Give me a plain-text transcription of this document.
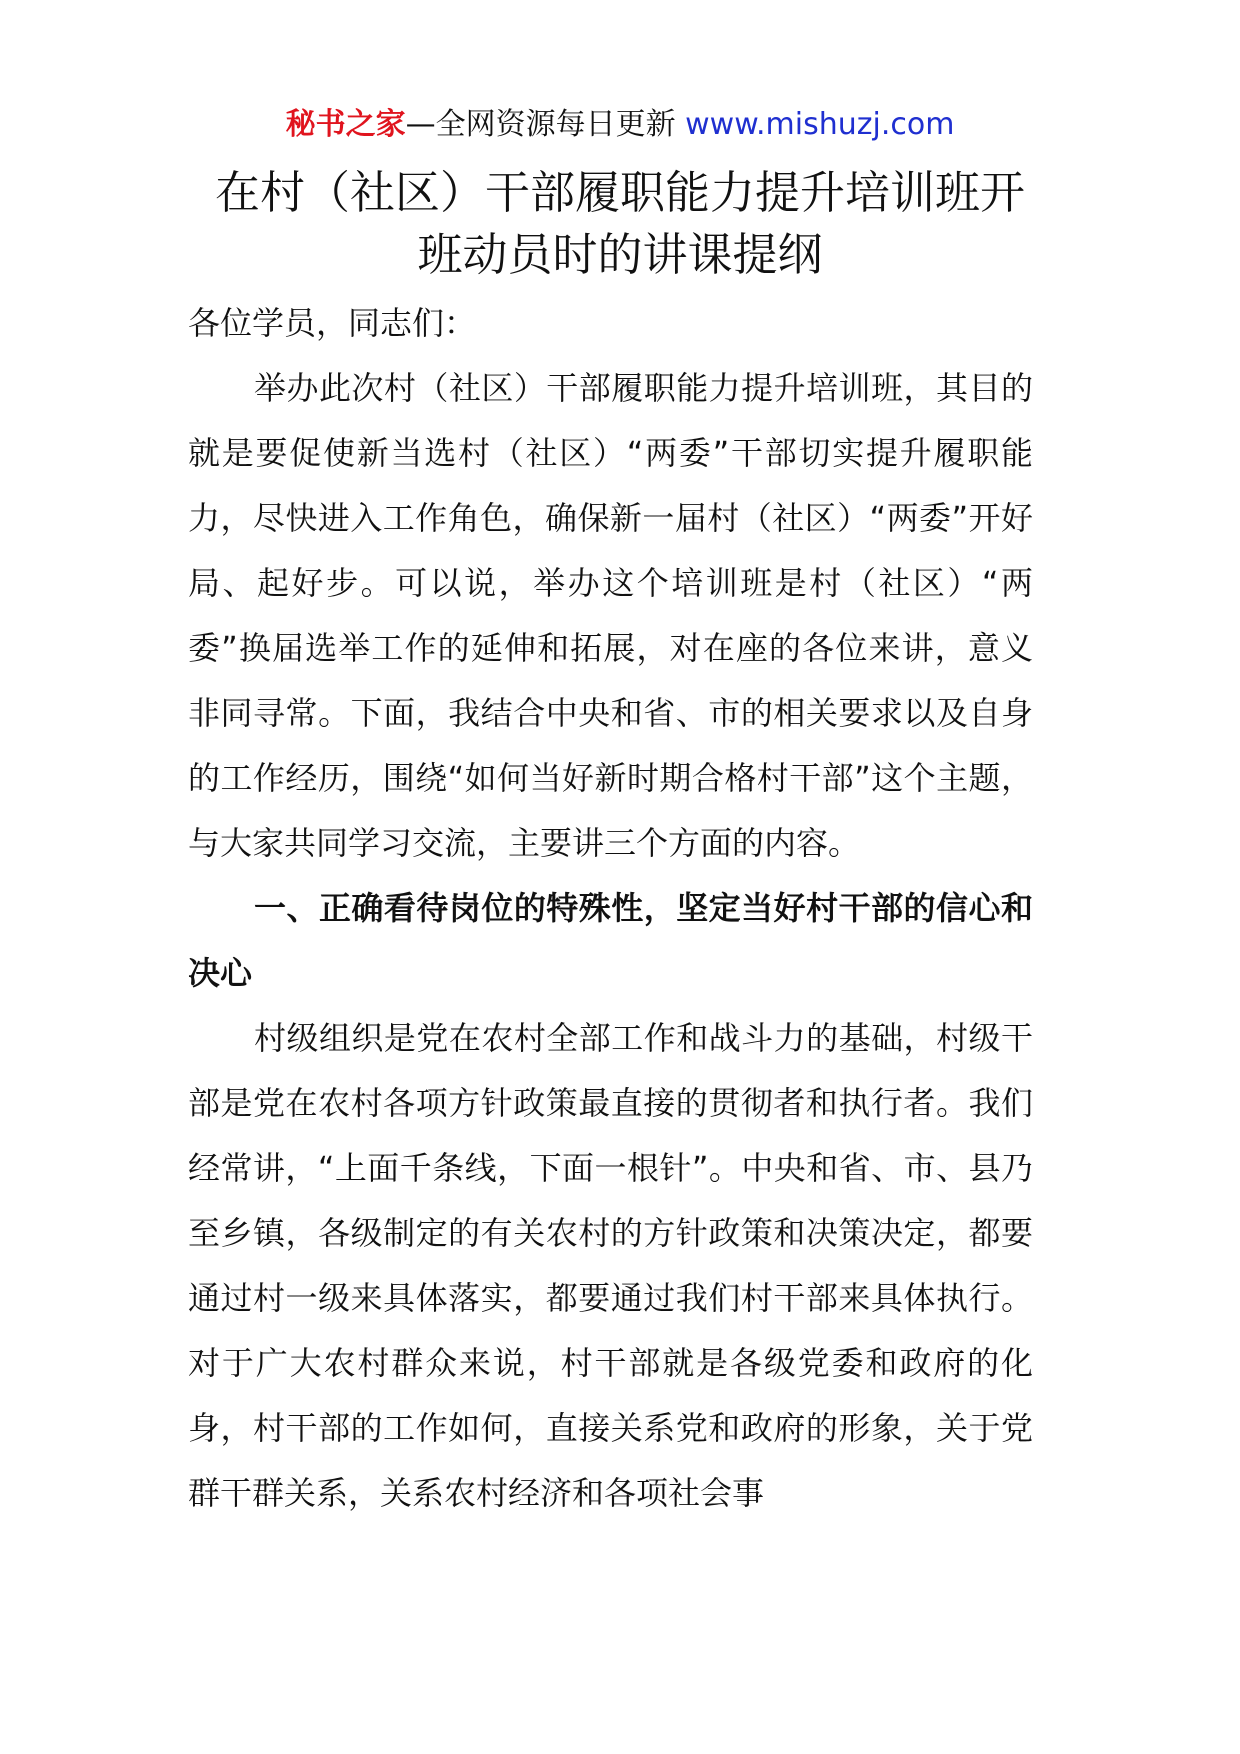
秘书之家—全网资源每日更新 www.mishuzj.com
在村（社区）干部履职能力提升培训班开
班动员时的讲课提纲

各位学员，同志们：

举办此次村（社区）干部履职能力提升培训班，其目的就是要促使新当选村（社区）“两委”干部切实提升履职能力，尽快进入工作角色，确保新一届村（社区）“两委”开好局、起好步。可以说，举办这个培训班是村（社区）“两委”换届选举工作的延伸和拓展，对在座的各位来讲，意义非同寻常。下面，我结合中央和省、市的相关要求以及自身的工作经历，围绕“如何当好新时期合格村干部”这个主题，与大家共同学习交流，主要讲三个方面的内容。

一、正确看待岗位的特殊性，坚定当好村干部的信心和决心

村级组织是党在农村全部工作和战斗力的基础，村级干部是党在农村各项方针政策最直接的贯彻者和执行者。我们经常讲，“上面千条线，下面一根针”。中央和省、市、县乃至乡镇，各级制定的有关农村的方针政策和决策决定，都要通过村一级来具体落实，都要通过我们村干部来具体执行。对于广大农村群众来说，村干部就是各级党委和政府的化身，村干部的工作如何，直接关系党和政府的形象，关于党群干群关系，关系农村经济和各项社会事
